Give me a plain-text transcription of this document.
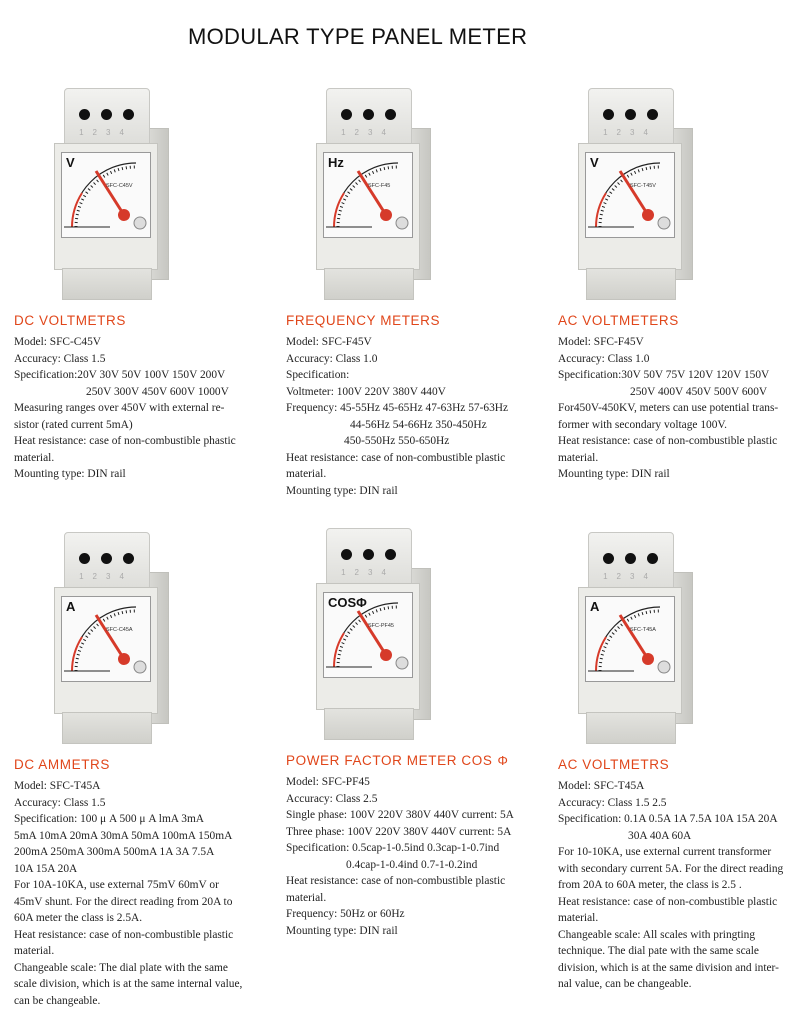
MODULAR TYPE PANEL METER
V
SFC-C45V
1234
DC VOLTMETRS
Model: SFC-C45V
Accuracy: Class 1.5
Specification:20V 30V 50V 100V 150V 200V
250V 300V 450V 600V 1000V
Measuring ranges over 450V with external re-
sistor (rated current 5mA)
Heat resistance: case of non-combustible phastic
material.
Mounting type: DIN rail
Hz
SFC-F45
1234
FREQUENCY METERS
Model: SFC-F45V
Accuracy: Class 1.0
Specification:
Voltmeter: 100V 220V 380V 440V
Frequency: 45-55Hz 45-65Hz 47-63Hz 57-63Hz
44-56Hz 54-66Hz 350-450Hz
450-550Hz 550-650Hz
Heat resistance: case of non-combustible plastic
material.
Mounting type: DIN rail
V
SFC-T45V
1234
AC VOLTMETERS
Model: SFC-F45V
Accuracy: Class 1.0
Specification:30V 50V 75V 120V 120V 150V
250V 400V 450V 500V 600V
For450V-450KV, meters can use potential trans-
former with secondary voltage 100V.
Heat resistance: case of non-combustible plastic
material.
Mounting type: DIN rail
A
SFC-C45A
1234
DC AMMETRS
Model: SFC-T45A
Accuracy: Class 1.5
Specification: 100 μ A 500 μ A lmA 3mA
5mA 10mA 20mA 30mA 50mA 100mA 150mA
200mA 250mA 300mA 500mA 1A 3A 7.5A
10A 15A 20A
For 10A-10KA, use external 75mV 60mV or
45mV shunt. For the direct reading from 20A to
60A meter the class is 2.5A.
Heat resistance: case of non-combustible plastic
material.
Changeable scale: The dial plate with the same
scale division, which is at the same internal value,
can be changeable.
COSΦ
SFC-PF45
1234
POWER FACTOR METER COS Φ
Model: SFC-PF45
Accuracy: Class 2.5
Single phase: 100V 220V 380V 440V current: 5A
Three phase: 100V 220V 380V 440V current: 5A
Specification: 0.5cap-1-0.5ind 0.3cap-1-0.7ind
0.4cap-1-0.4ind 0.7-1-0.2ind
Heat resistance: case of non-combustible plastic
material.
Frequency: 50Hz or 60Hz
Mounting type: DIN rail
A
SFC-T45A
1234
AC VOLTMETRS
Model: SFC-T45A
Accuracy: Class 1.5 2.5
Specification: 0.1A 0.5A 1A 7.5A 10A 15A 20A
30A 40A 60A
For 10-10KA, use external current transformer
with secondary current 5A. For the direct reading
from 20A to 60A meter, the class is 2.5 .
Heat resistance: case of non-combustible plastic
material.
Changeable scale: All scales with pringting
technique. The dial pate with the same scale
division, which is at the same division and inter-
nal value, can be changeable.
